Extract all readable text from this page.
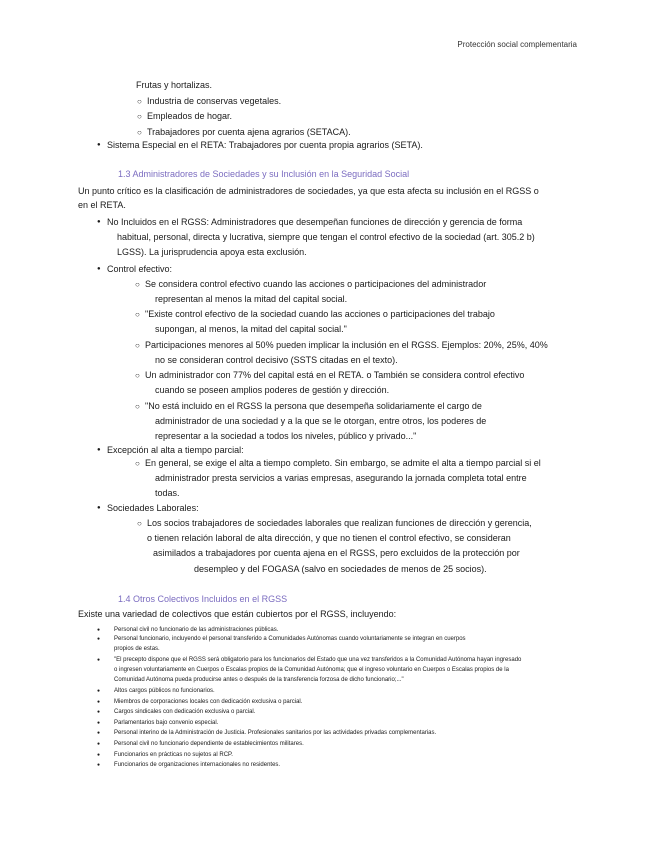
Protección social complementaria
Frutas y hortalizas.
○ Industria de conservas vegetales.
○ Empleados de hogar.
○ Trabajadores por cuenta ajena agrarios (SETACA).
● Sistema Especial en el RETA: Trabajadores por cuenta propia agrarios (SETA).
1.3 Administradores de Sociedades y su Inclusión en la Seguridad Social
Un punto crítico es la clasificación de administradores de sociedades, ya que esta afecta su inclusión en el RGSS o
en el RETA.
● No Incluidos en el RGSS: Administradores que desempeñan funciones de dirección y gerencia de forma
habitual, personal, directa y lucrativa, siempre que tengan el control efectivo de la sociedad (art. 305.2 b)
LGSS). La jurisprudencia apoya esta exclusión.
● Control efectivo:
○ Se considera control efectivo cuando las acciones o participaciones del administrador
representan al menos la mitad del capital social.
○ "Existe control efectivo de la sociedad cuando las acciones o participaciones del trabajo
supongan, al menos, la mitad del capital social."
○ Participaciones menores al 50% pueden implicar la inclusión en el RGSS. Ejemplos: 20%, 25%, 40%
no se consideran control decisivo (SSTS citadas en el texto).
○ Un administrador con 77% del capital está en el RETA. o También se considera control efectivo
cuando se poseen amplios poderes de gestión y dirección.
○ "No está incluido en el RGSS la persona que desempeña solidariamente el cargo de
administrador de una sociedad y a la que se le otorgan, entre otros, los poderes de
representar a la sociedad a todos los niveles, público y privado..."
● Excepción al alta a tiempo parcial:
○ En general, se exige el alta a tiempo completo. Sin embargo, se admite el alta a tiempo parcial si el
administrador presta servicios a varias empresas, asegurando la jornada completa total entre
todas.
● Sociedades Laborales:
○ Los socios trabajadores de sociedades laborales que realizan funciones de dirección y gerencia,
o tienen relación laboral de alta dirección, y que no tienen el control efectivo, se consideran
asimilados a trabajadores por cuenta ajena en el RGSS, pero excluidos de la protección por
desempleo y del FOGASA (salvo en sociedades de menos de 25 socios).
1.4 Otros Colectivos Incluidos en el RGSS
Existe una variedad de colectivos que están cubiertos por el RGSS, incluyendo:
● Personal civil no funcionario de las administraciones públicas.
● Personal funcionario, incluyendo el personal transferido a Comunidades Autónomas cuando voluntariamente se integran en cuerpos
propios de estas.
● "El precepto dispone que el RGSS será obligatorio para los funcionarios del Estado que una vez transferidos a la Comunidad Autónoma hayan ingresado
o ingresen voluntariamente en Cuerpos o Escalas propios de la Comunidad Autónoma; que el ingreso voluntario en Cuerpos o Escalas propios de la
Comunidad Autónoma pueda producirse antes o después de la transferencia forzosa de dicho funcionario;..."
● Altos cargos públicos no funcionarios.
● Miembros de corporaciones locales con dedicación exclusiva o parcial.
● Cargos sindicales con dedicación exclusiva o parcial.
● Parlamentarios bajo convenio especial.
● Personal interino de la Administración de Justicia. Profesionales sanitarios por las actividades privadas complementarias.
● Personal civil no funcionario dependiente de establecimientos militares.
● Funcionarios en prácticas no sujetos al RCP.
● Funcionarios de organizaciones internacionales no residentes.
